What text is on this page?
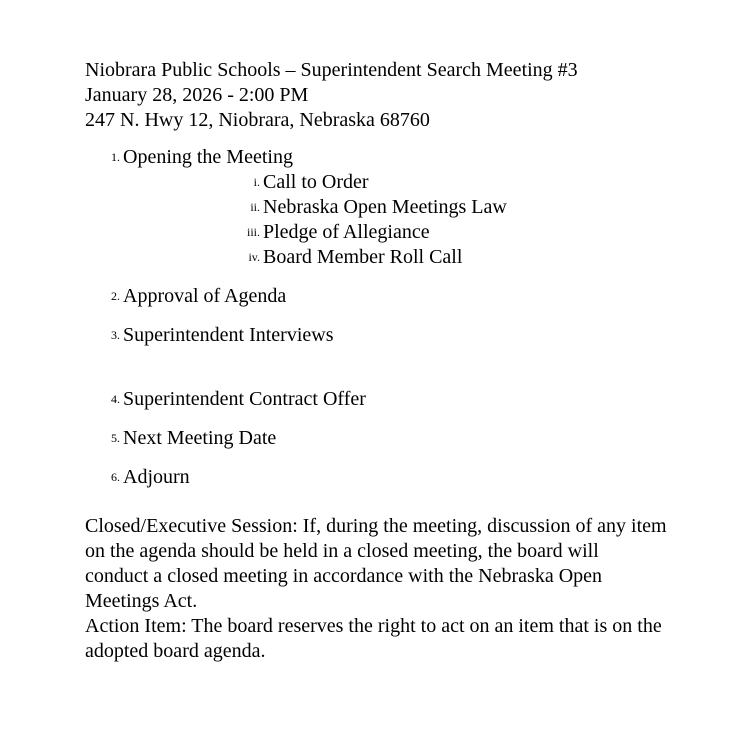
Niobrara Public Schools – Superintendent Search Meeting #3
January 28, 2026 - 2:00 PM
247 N. Hwy 12, Niobrara, Nebraska 68760
1. Opening the Meeting
i. Call to Order
ii. Nebraska Open Meetings Law
iii. Pledge of Allegiance
iv. Board Member Roll Call
2. Approval of Agenda
3. Superintendent Interviews
4. Superintendent Contract Offer
5. Next Meeting Date
6. Adjourn

Closed/Executive Session: If, during the meeting, discussion of any item on the agenda should be held in a closed meeting, the board will conduct a closed meeting in accordance with the Nebraska Open Meetings Act.

Action Item: The board reserves the right to act on an item that is on the adopted board agenda.
